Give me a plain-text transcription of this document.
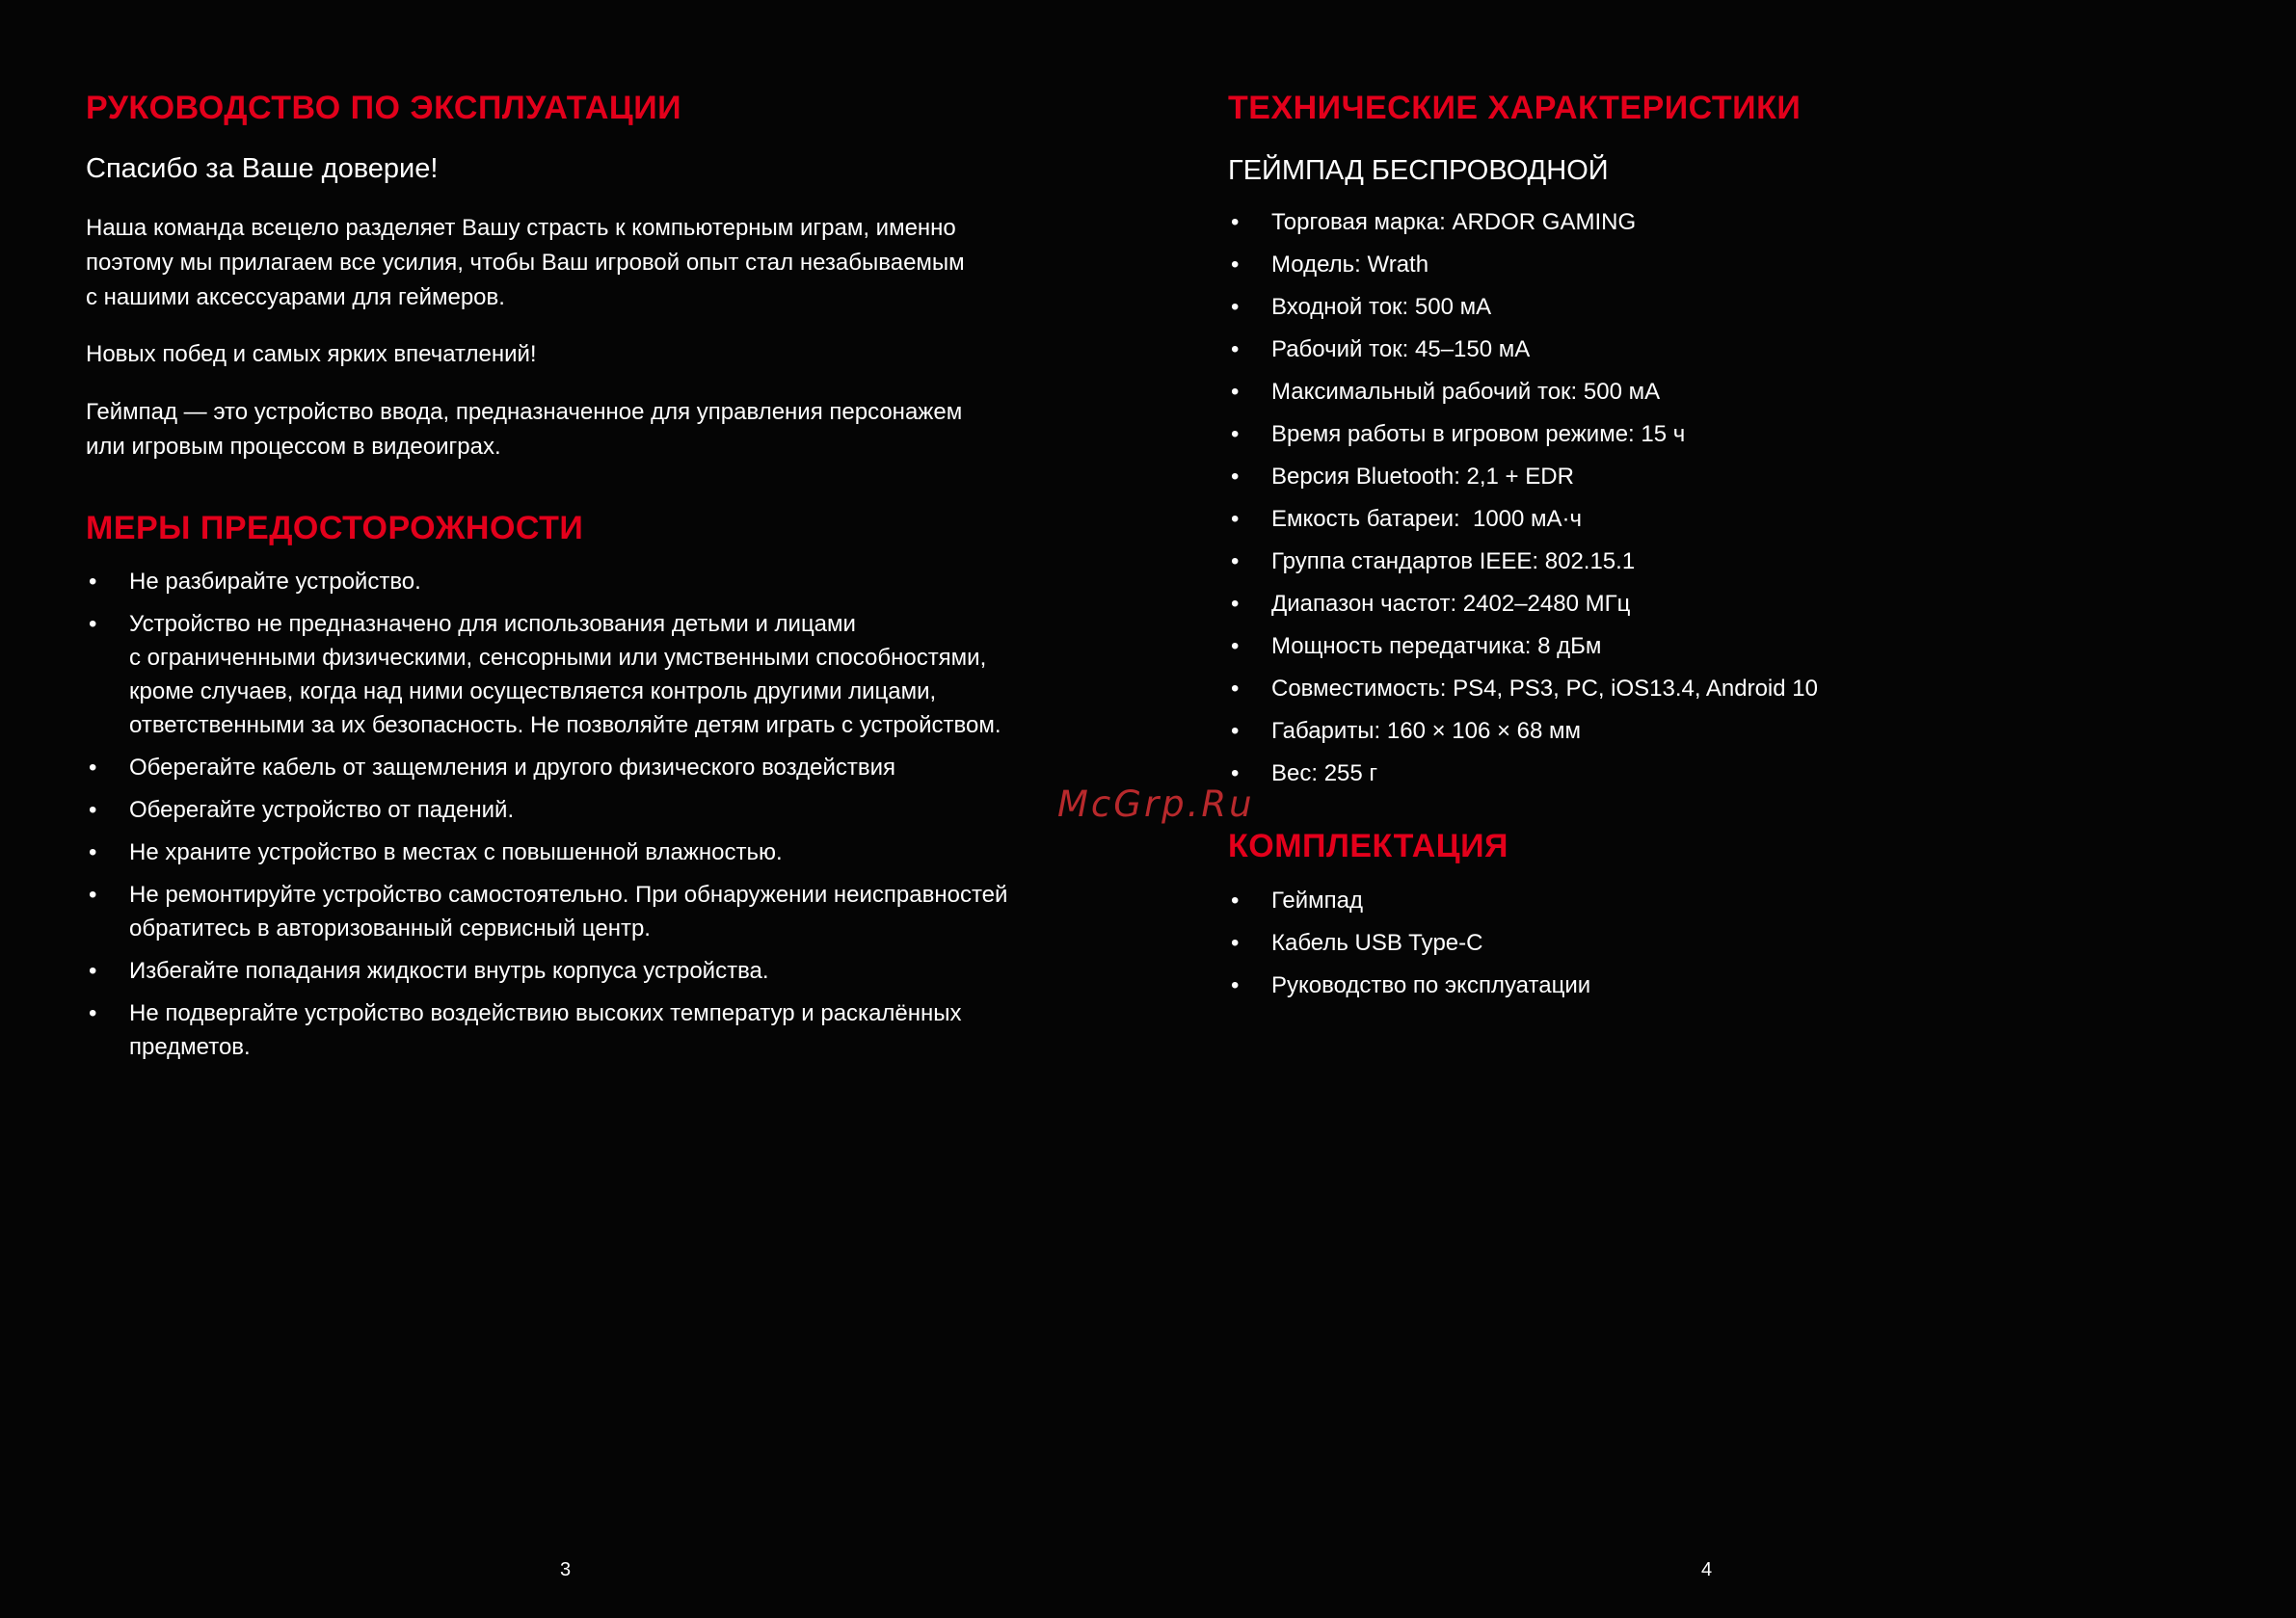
РУКОВОДСТВО ПО ЭКСПЛУАТАЦИИ

Спасибо за Ваше доверие!

Наша команда всецело разделяет Вашу страсть к компьютерным играм, именно
поэтому мы прилагаем все усилия, чтобы Ваш игровой опыт стал незабываемым
с нашими аксессуарами для геймеров.
Новых побед и самых ярких впечатлений!
Геймпад — это устройство ввода, предназначенное для управления персонажем
или игровым процессом в видеоиграх.
МЕРЫ ПРЕДОСТОРОЖНОСТИ
• Не разбирайте устройство.
• Устройство не предназначено для использования детьми и лицами
с ограниченными физическими, сенсорными или умственными способностями,
кроме случаев, когда над ними осуществляется контроль другими лицами,
ответственными за их безопасность. Не позволяйте детям играть с устройством.
• Оберегайте кабель от защемления и другого физического воздействия
• Оберегайте устройство от падений.
• Не храните устройство в местах с повышенной влажностью.
• Не ремонтируйте устройство самостоятельно. При обнаружении неисправностей
обратитесь в авторизованный сервисный центр.
• Избегайте попадания жидкости внутрь корпуса устройства.
• Не подвергайте устройство воздействию высоких температур и раскалённых
предметов.
3
ТЕХНИЧЕСКИЕ ХАРАКТЕРИСТИКИ

ГЕЙМПАД БЕСПРОВОДНОЙ

• Торговая марка: ARDOR GAMING
• Модель: Wrath
• Входной ток: 500 мА
• Рабочий ток: 45–150 мА
• Максимальный рабочий ток: 500 мА
• Время работы в игровом режиме: 15 ч
• Версия Bluetooth: 2,1 + EDR
• Емкость батареи:  1000 мА·ч
• Группа стандартов IEEE: 802.15.1
• Диапазон частот: 2402–2480 МГц
• Мощность передатчика: 8 дБм
• Совместимость: PS4, PS3, PC, iOS13.4, Android 10
• Габариты: 160 × 106 × 68 мм
• Вес: 255 г
КОМПЛЕКТАЦИЯ
• Геймпад
• Кабель USB Type-C
• Руководство по эксплуатации
4
McGrp.Ru
